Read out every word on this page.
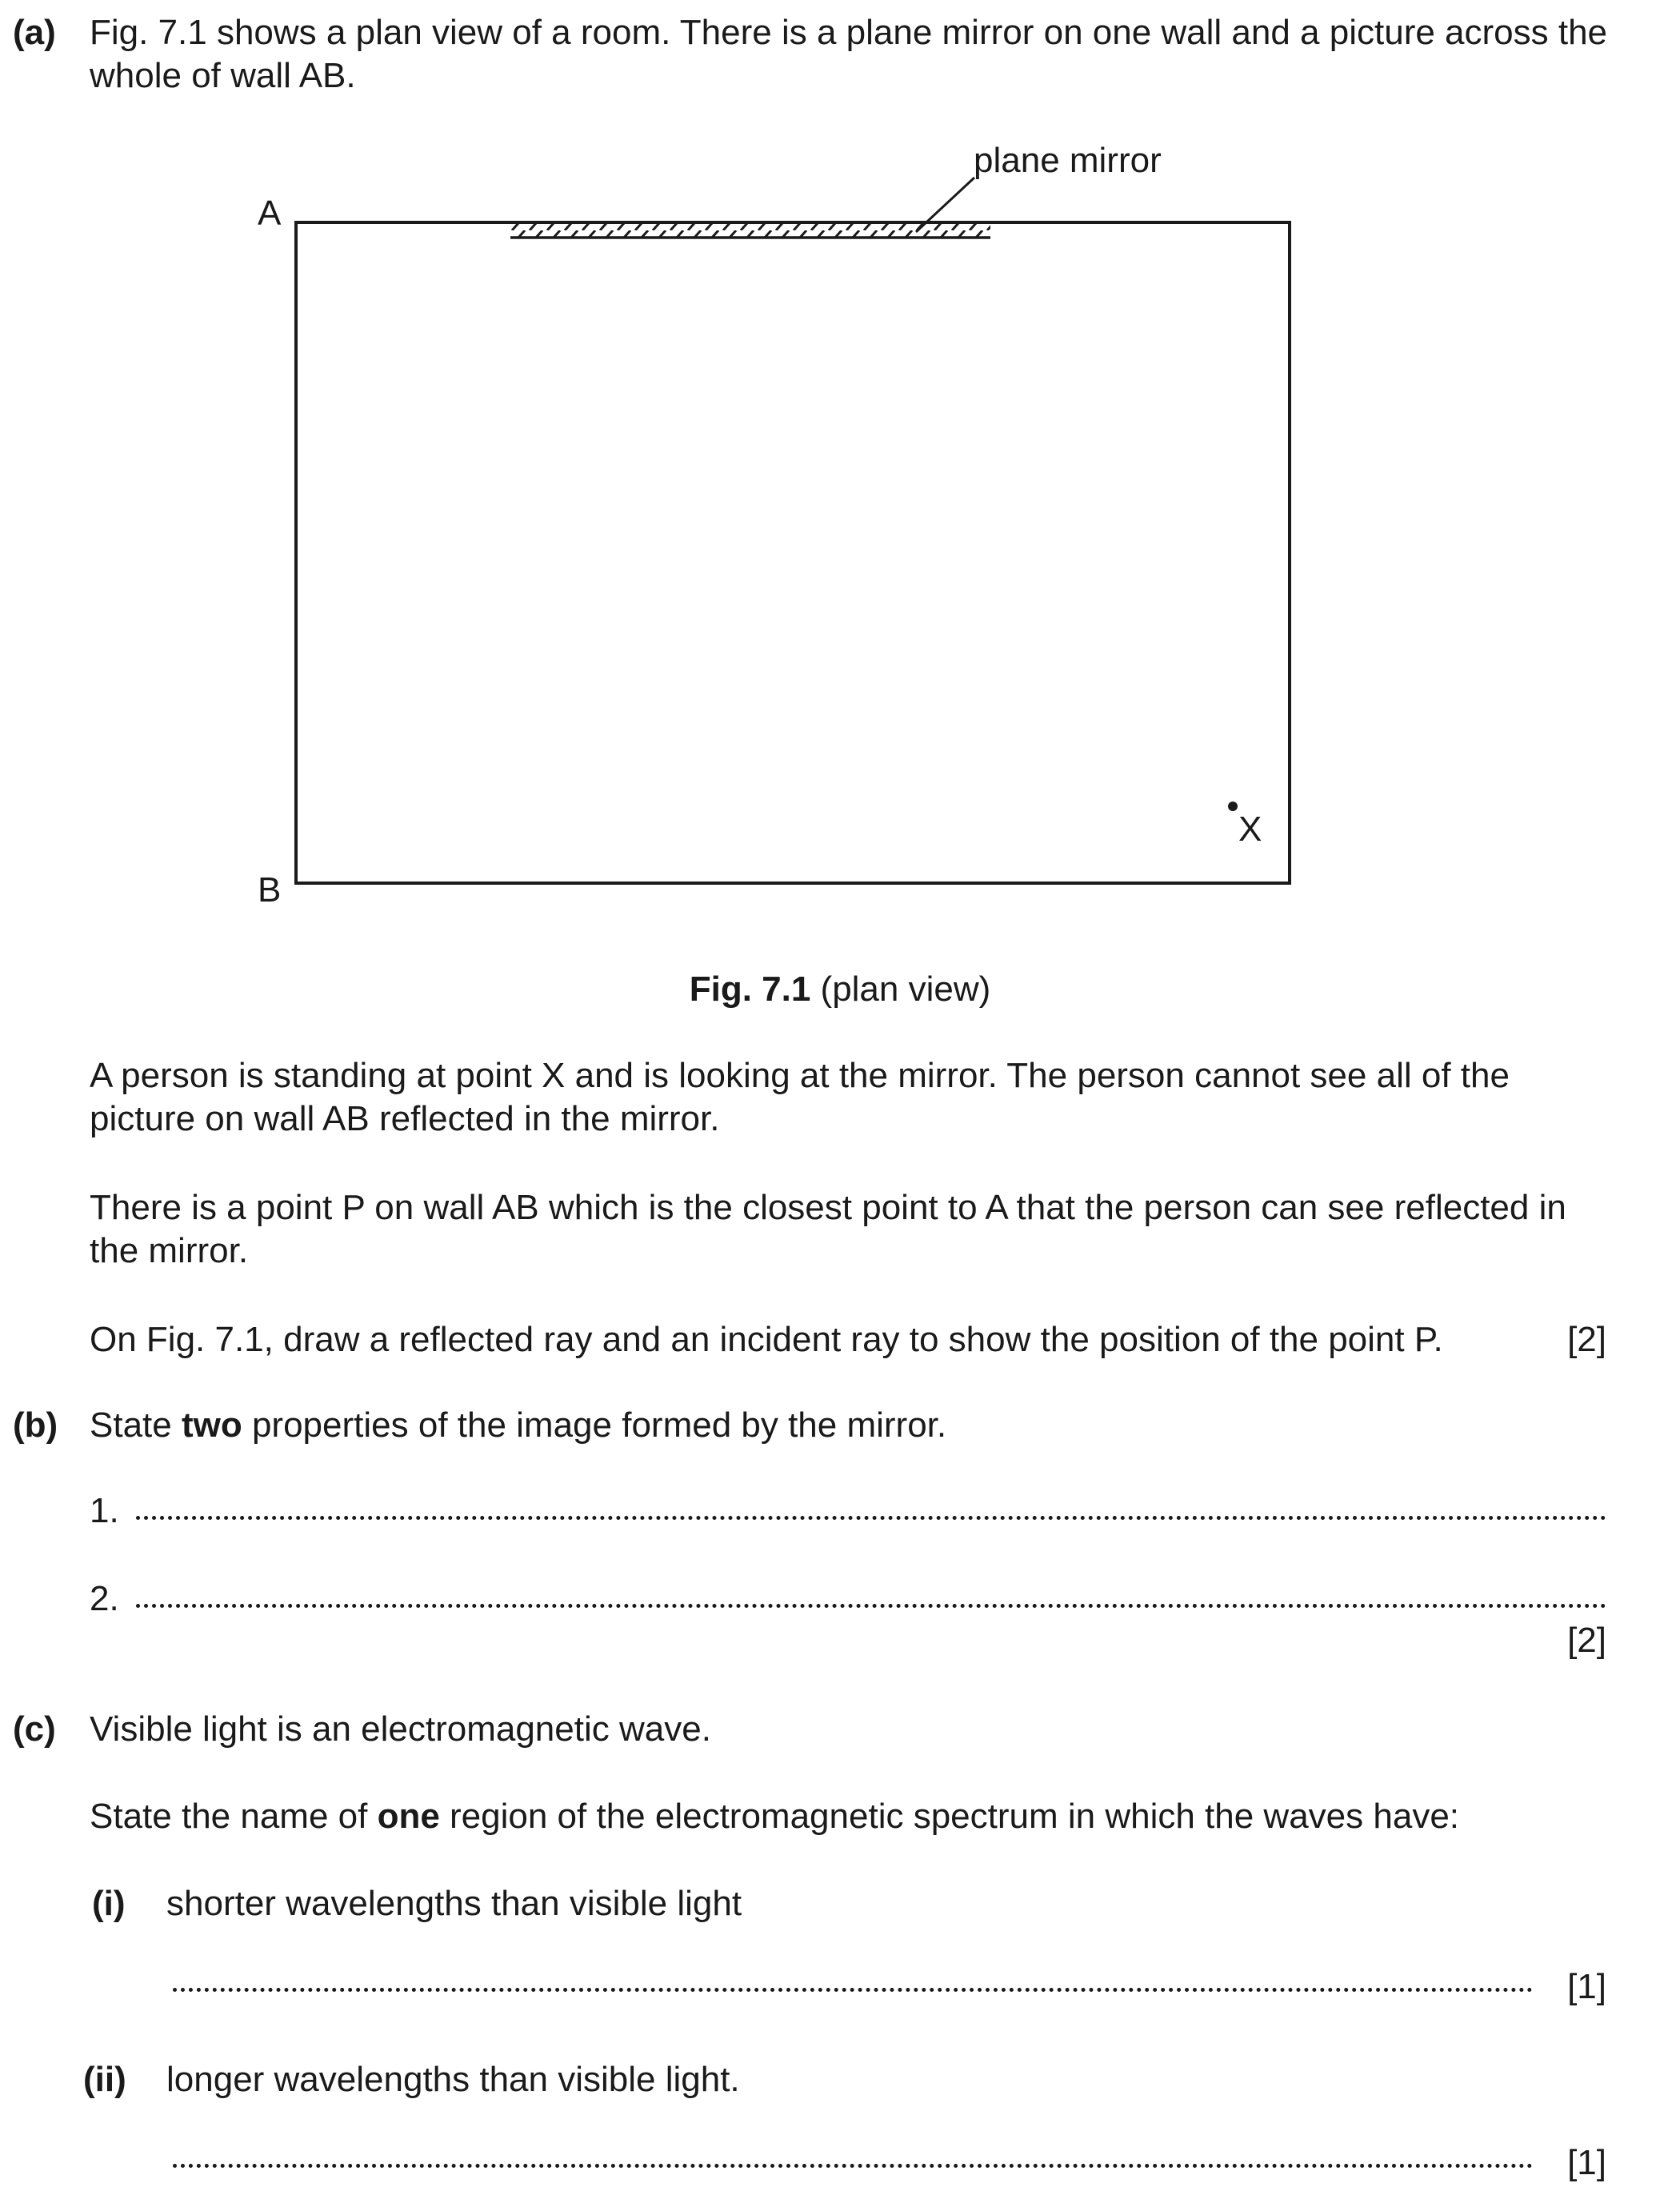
(a) Fig. 7.1 shows a plan view of a room. There is a plane mirror on one wall and a picture across the whole of wall AB.
plane mirror
A
B
X
Fig. 7.1 (plan view)
A person is standing at point X and is looking at the mirror. The person cannot see all of the picture on wall AB reflected in the mirror.
There is a point P on wall AB which is the closest point to A that the person can see reflected in the mirror.
On Fig. 7.1, draw a reflected ray and an incident ray to show the position of the point P.	[2]
(b) State two properties of the image formed by the mirror.
1.
2.
[2]
(c) Visible light is an electromagnetic wave.
State the name of one region of the electromagnetic spectrum in which the waves have:
(i) shorter wavelengths than visible light
[1]
(ii) longer wavelengths than visible light.
[1]
